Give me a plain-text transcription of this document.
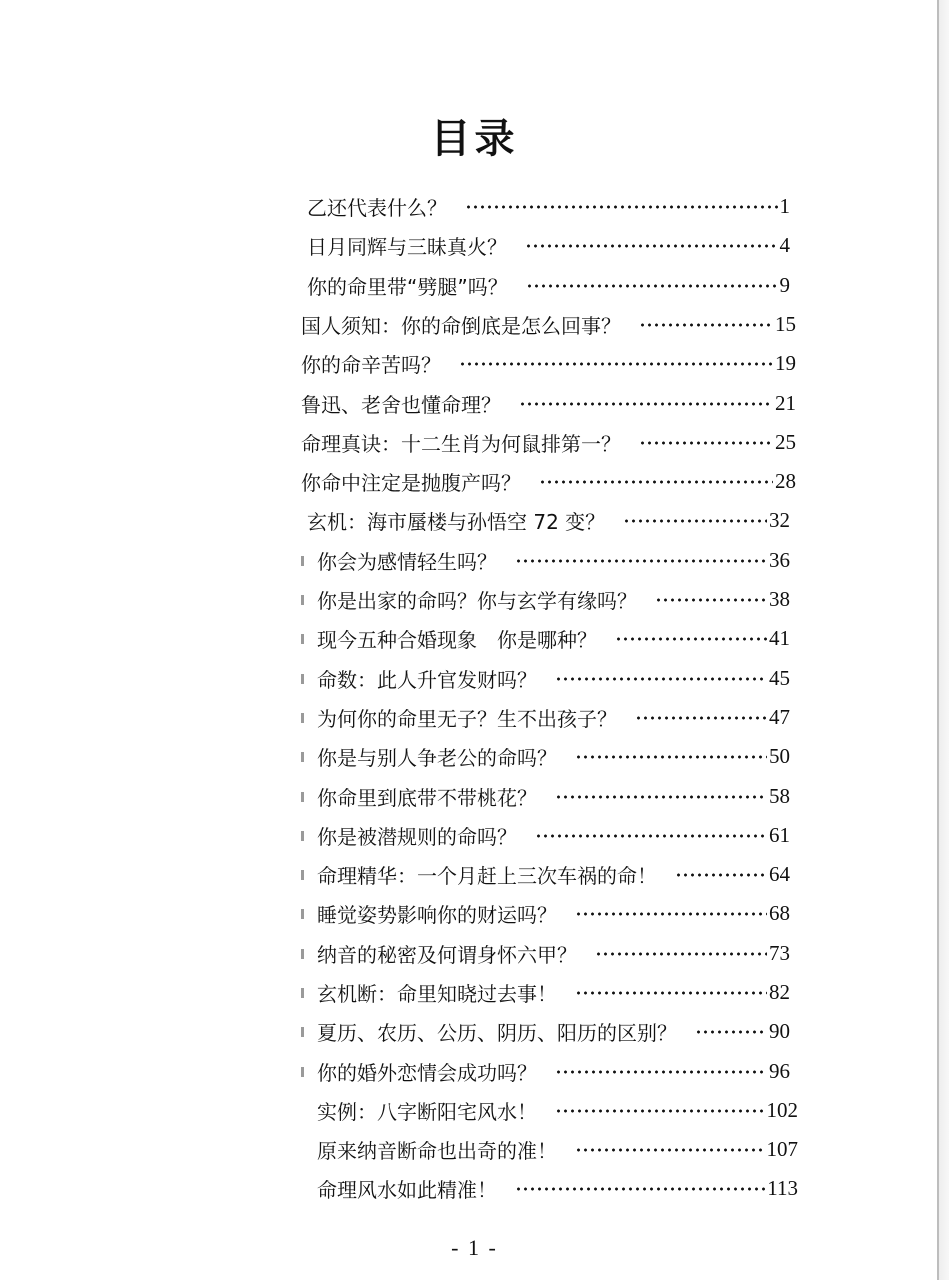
目录
乙还代表什么？	1
日月同辉与三昧真火？	4
你的命里带“劈腿”吗？	9
国人须知：你的命倒底是怎么回事？	15
你的命辛苦吗？	19
鲁迅、老舍也懂命理？	21
命理真诀：十二生肖为何鼠排第一？	25
你命中注定是抛腹产吗？	28
玄机：海市蜃楼与孙悟空 72 变？	32
你会为感情轻生吗？	36
你是出家的命吗？你与玄学有缘吗？	38
现今五种合婚现象　你是哪种？	41
命数：此人升官发财吗？	45
为何你的命里无子？生不出孩子？	47
你是与别人争老公的命吗？	50
你命里到底带不带桃花？	58
你是被潜规则的命吗？	61
命理精华：一个月赶上三次车祸的命！	64
睡觉姿势影响你的财运吗？	68
纳音的秘密及何谓身怀六甲？	73
玄机断：命里知晓过去事！	82
夏历、农历、公历、阴历、阳历的区别？	90
你的婚外恋情会成功吗？	96
实例：八字断阳宅风水！	102
原来纳音断命也出奇的准！	107
命理风水如此精准！	113
- 1 -
